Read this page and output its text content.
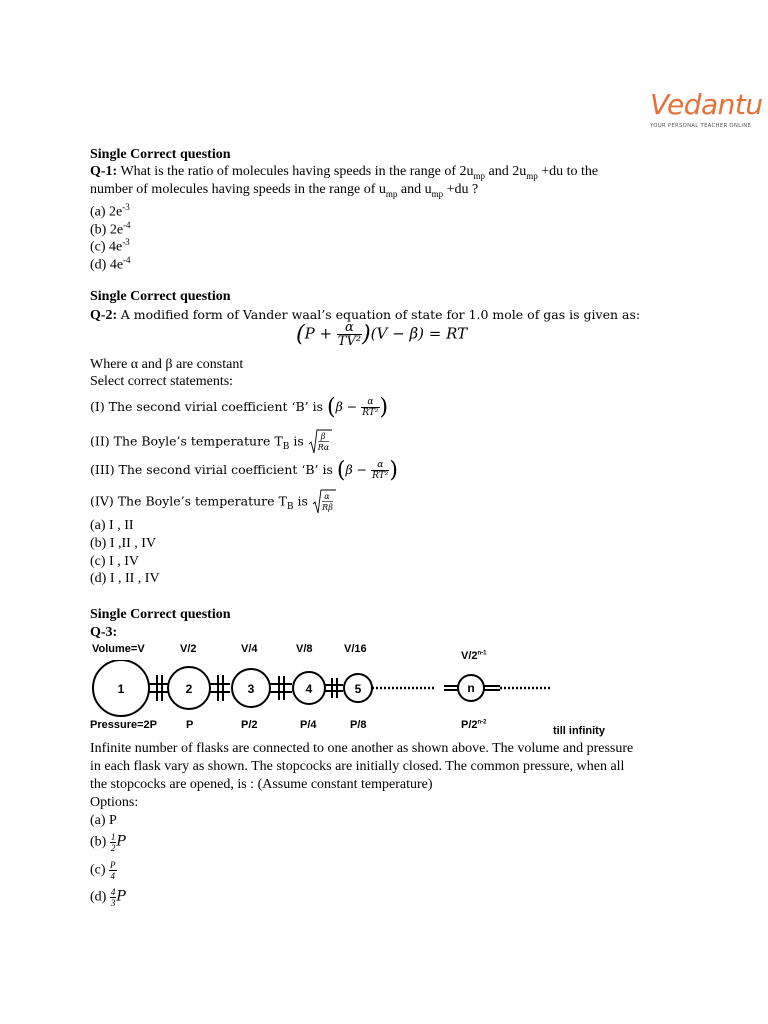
Vedantu
YOUR PERSONAL TEACHER ONLINE
Single Correct question
Q-1: What is the ratio of molecules having speeds in the range of $2u_{mp}$ and $2u_{mp} +du$ to the
number of molecules having speeds in the range of $u_{mp}$ and $u_{mp} +du$ ?
(a) $2e^{-3}$
(b) $2e^{-4}$
(c) $4e^{-3}$
(d) $4e^{-4}$
Single Correct question
Q-2: A modified form of Vander waal’s equation of state for 1.0 mole of gas is given as:
$(P + \frac{\alpha}{\text{TV²}} )(V - \beta)$ = RT
Where α and β are constant
Select correct statements:
(I) The second virial coefficient ‘B’ is ($\beta - \frac{\alpha}{\text{RT²}}$ )
(II) The Boyle’s temperature $T_B$ is β
Rα
(III) The second virial coefficient ‘B’ is ($\beta - \frac{\alpha}{\text{RT²}}$ )
(IV) The Boyle’s temperature $T_B$ is α
Rβ
(a) I , II
(b) I ,II , IV
(c) I , IV
(d) I , II , IV
Single Correct question
Q-3:
Volume=V	V/2	V/4	V/8	V/16
V/2$^{n-1}$
1	2	3	4	5	n
Pressure=2P	P	P/2	P/4	P/8	P/2$^{n-2}$
till infinity
Infinite number of flasks are connected to one another as shown above. The volume and pressure
in each flask vary as shown. The stopcocks are initially closed. The common pressure, when all
the stopcocks are opened, is : (Assume constant temperature)
Options:
(a) P
$(b) \frac{1}{2}$ P
$(c) \frac{P}{4}$
$(d) \frac{4}{3}$ P
